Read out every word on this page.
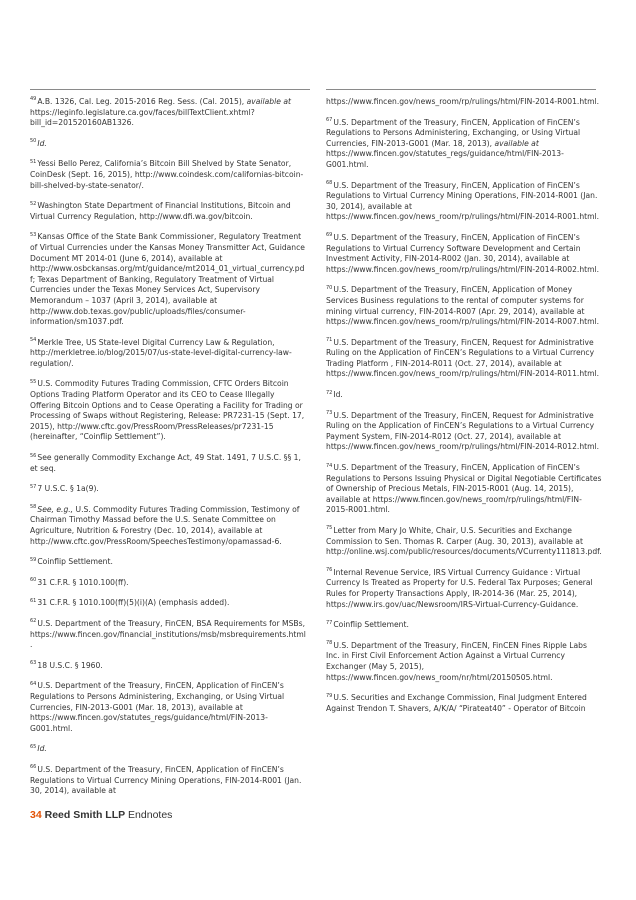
$^{49}$A.B. 1326, Cal. Leg. 2015-2016 Reg. Sess. (Cal. 2015), available at https://leginfo.legislature.ca.gov/faces/billTextClient.xhtml?bill_id=201520160AB1326.

$^{50}$Id.

$^{51}$Yessi Bello Perez, California’s Bitcoin Bill Shelved by State Senator, CoinDesk (Sept. 16, 2015), http://www.coindesk.com/californias-bitcoin-bill-shelved-by-state-senator/.

$^{52}$Washington State Department of Financial Institutions, Bitcoin and Virtual Currency Regulation, http://www.dfi.wa.gov/bitcoin.

$^{53}$Kansas Office of the State Bank Commissioner, Regulatory Treatment of Virtual Currencies under the Kansas Money Transmitter Act, Guidance Document MT 2014-01 (June 6, 2014), available at http://www.osbckansas.org/mt/guidance/mt2014_01_virtual_currency.pdf; Texas Department of Banking, Regulatory Treatment of Virtual Currencies under the Texas Money Services Act, Supervisory Memorandum – 1037 (April 3, 2014), available at http://www.dob.texas.gov/public/uploads/files/consumer-information/sm1037.pdf.

$^{54}$Merkle Tree, US State-level Digital Currency Law & Regulation, http://merkletree.io/blog/2015/07/us-state-level-digital-currency-law-regulation/.

$^{55}$U.S. Commodity Futures Trading Commission, CFTC Orders Bitcoin Options Trading Platform Operator and its CEO to Cease Illegally Offering Bitcoin Options and to Cease Operating a Facility for Trading or Processing of Swaps without Registering, Release: PR7231-15 (Sept. 17, 2015), http://www.cftc.gov/PressRoom/PressReleases/pr7231-15 (hereinafter, “Coinflip Settlement”).

$^{56}$See generally Commodity Exchange Act, 49 Stat. 1491, 7 U.S.C. §§ 1, et seq.

$^{57}$7 U.S.C. § 1a(9).

$^{58}$See, e.g., U.S. Commodity Futures Trading Commission, Testimony of Chairman Timothy Massad before the U.S. Senate Committee on Agriculture, Nutrition & Forestry (Dec. 10, 2014), available at http://www.cftc.gov/PressRoom/SpeechesTestimony/opamassad-6.

$^{59}$Coinflip Settlement.

$^{60}$31 C.F.R. § 1010.100(ff).

$^{61}$31 C.F.R. § 1010.100(ff)(5)(i)(A) (emphasis added).

$^{62}$U.S. Department of the Treasury, FinCEN, BSA Requirements for MSBs, https://www.fincen.gov/financial_institutions/msb/msbrequirements.html.

$^{63}$18 U.S.C. § 1960.

$^{64}$U.S. Department of the Treasury, FinCEN, Application of FinCEN’s Regulations to Persons Administering, Exchanging, or Using Virtual Currencies, FIN-2013-G001 (Mar. 18, 2013), available at https://www.fincen.gov/statutes_regs/guidance/html/FIN-2013-G001.html.

$^{65}$Id.

$^{66}$U.S. Department of the Treasury, FinCEN, Application of FinCEN’s Regulations to Virtual Currency Mining Operations, FIN-2014-R001 (Jan. 30, 2014), available at

https://www.fincen.gov/news_room/rp/rulings/html/FIN-2014-R001.html.

$^{67}$U.S. Department of the Treasury, FinCEN, Application of FinCEN’s Regulations to Persons Administering, Exchanging, or Using Virtual Currencies, FIN-2013-G001 (Mar. 18, 2013), available at https://www.fincen.gov/statutes_regs/guidance/html/FIN-2013-G001.html.

$^{68}$U.S. Department of the Treasury, FinCEN, Application of FinCEN’s Regulations to Virtual Currency Mining Operations, FIN-2014-R001 (Jan. 30, 2014), available at https://www.fincen.gov/news_room/rp/rulings/html/FIN-2014-R001.html.

$^{69}$U.S. Department of the Treasury, FinCEN, Application of FinCEN’s Regulations to Virtual Currency Software Development and Certain Investment Activity, FIN-2014-R002 (Jan. 30, 2014), available at https://www.fincen.gov/news_room/rp/rulings/html/FIN-2014-R002.html.

$^{70}$U.S. Department of the Treasury, FinCEN, Application of Money Services Business regulations to the rental of computer systems for mining virtual currency, FIN-2014-R007 (Apr. 29, 2014), available at https://www.fincen.gov/news_room/rp/rulings/html/FIN-2014-R007.html.

$^{71}$U.S. Department of the Treasury, FinCEN, Request for Administrative Ruling on the Application of FinCEN’s Regulations to a Virtual Currency Trading Platform , FIN-2014-R011 (Oct. 27, 2014), available at https://www.fincen.gov/news_room/rp/rulings/html/FIN-2014-R011.html.

$^{72}$Id.

$^{73}$U.S. Department of the Treasury, FinCEN, Request for Administrative Ruling on the Application of FinCEN’s Regulations to a Virtual Currency Payment System, FIN-2014-R012 (Oct. 27, 2014), available at https://www.fincen.gov/news_room/rp/rulings/html/FIN-2014-R012.html.

$^{74}$U.S. Department of the Treasury, FinCEN, Application of FinCEN’s Regulations to Persons Issuing Physical or Digital Negotiable Certificates of Ownership of Precious Metals, FIN-2015-R001 (Aug. 14, 2015), available at https://www.fincen.gov/news_room/rp/rulings/html/FIN-2015-R001.html.

$^{75}$Letter from Mary Jo White, Chair, U.S. Securities and Exchange Commission to Sen. Thomas R. Carper (Aug. 30, 2013), available at http://online.wsj.com/public/resources/documents/VCurrenty111813.pdf.

$^{76}$Internal Revenue Service, IRS Virtual Currency Guidance : Virtual Currency Is Treated as Property for U.S. Federal Tax Purposes; General Rules for Property Transactions Apply, IR-2014-36 (Mar. 25, 2014), https://www.irs.gov/uac/Newsroom/IRS-Virtual-Currency-Guidance.

$^{77}$Coinflip Settlement.

$^{78}$U.S. Department of the Treasury, FinCEN, FinCEN Fines Ripple Labs Inc. in First Civil Enforcement Action Against a Virtual Currency Exchanger (May 5, 2015), https://www.fincen.gov/news_room/nr/html/20150505.html.

$^{79}$U.S. Securities and Exchange Commission, Final Judgment Entered Against Trendon T. Shavers, A/K/A/ “Pirateat40” - Operator of Bitcoin

34 Reed Smith LLP Endnotes
